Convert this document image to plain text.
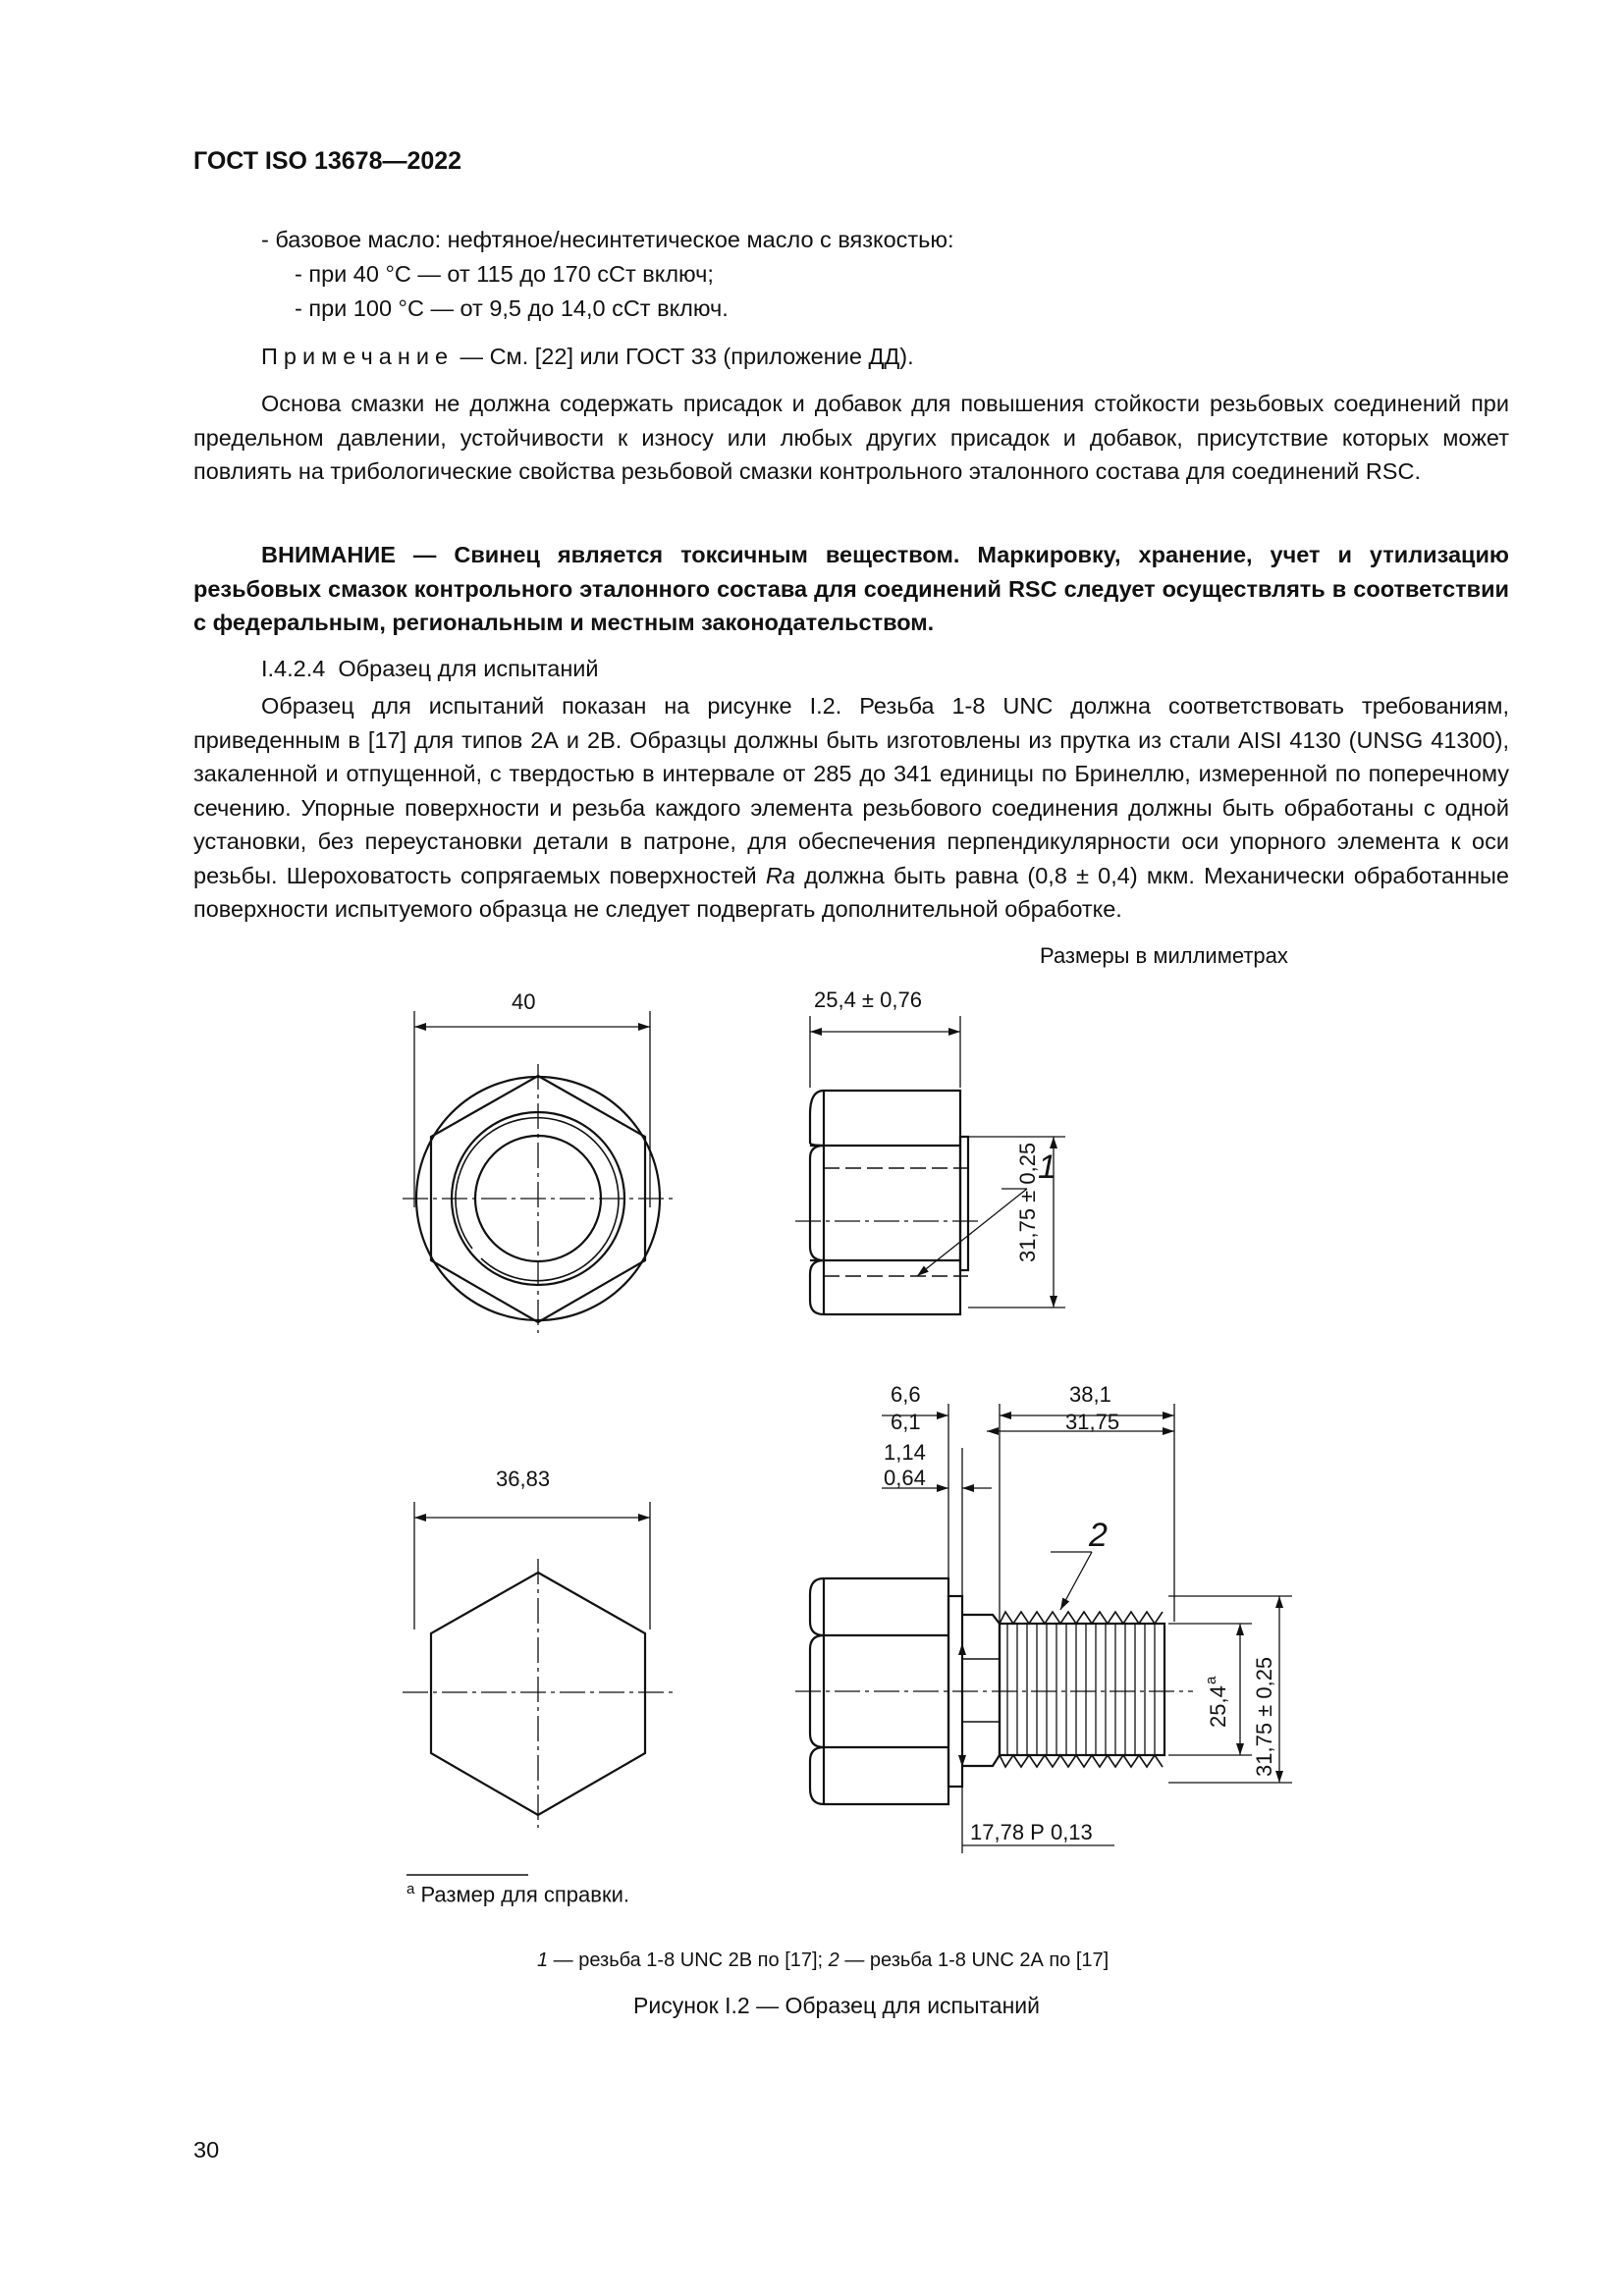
ГОСТ ISO 13678—2022
- базовое масло: нефтяное/несинтетическое масло с вязкостью:
- при 40 °C — от 115 до 170 сСт включ;
- при 100 °C — от 9,5 до 14,0 сСт включ.
Примечание — См. [22] или ГОСТ 33 (приложение ДД).
Основа смазки не должна содержать присадок и добавок для повышения стойкости резьбовых соединений при предельном давлении, устойчивости к износу или любых других присадок и добавок, присутствие которых может повлиять на трибологические свойства резьбовой смазки контрольного эталонного состава для соединений RSC.
ВНИМАНИЕ — Свинец является токсичным веществом. Маркировку, хранение, учет и утилизацию резьбовых смазок контрольного эталонного состава для соединений RSC следует осуществлять в соответствии с федеральным, региональным и местным законодательством.
I.4.2.4 Образец для испытаний
Образец для испытаний показан на рисунке I.2. Резьба 1-8 UNC должна соответствовать требованиям, приведенным в [17] для типов 2А и 2В. Образцы должны быть изготовлены из прутка из стали AISI 4130 (UNSG 41300), закаленной и отпущенной, с твердостью в интервале от 285 до 341 единицы по Бринеллю, измеренной по поперечному сечению. Упорные поверхности и резьба каждого элемента резьбового соединения должны быть обработаны с одной установки, без переустановки детали в патроне, для обеспечения перпендикулярности оси упорного элемента к оси резьбы. Шероховатость сопрягаемых поверхностей Ra должна быть равна (0,8 ± 0,4) мкм. Механически обработанные поверхности испытуемого образца не следует подвергать дополнительной обработке.
Размеры в миллиметрах
40	25,4 ± 0,76
1
31,75 ± 0,25
36,83
6,6
6,1
38,1
31,75
1,14
0,64
2
25,4
a 31,75 ± 0,25
17,78 Р 0,13
$^a$ Размер для справки.
1 — резьба 1-8 UNC 2В по [17]; 2 — резьба 1-8 UNC 2А по [17]
Рисунок I.2 — Образец для испытаний
30
